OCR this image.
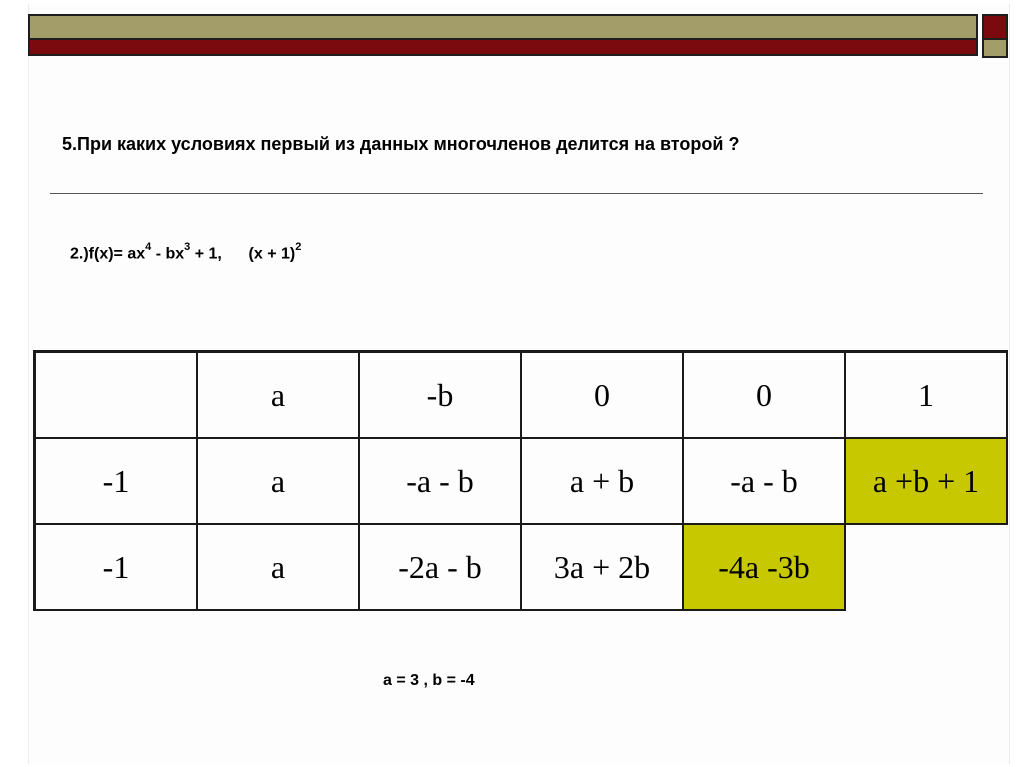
5.При каких условиях первый из данных многочленов делится на второй ?
$2.)f(x)= ax^4 - bx^3 + 1$,      $(x + 1)^2$
	a	-b	0	0	1
-1	a	-a - b	a + b	-a - b	a +b + 1
-1	a	-2a - b	3a + 2b	-4a -3b	
a = 3 , b = -4
